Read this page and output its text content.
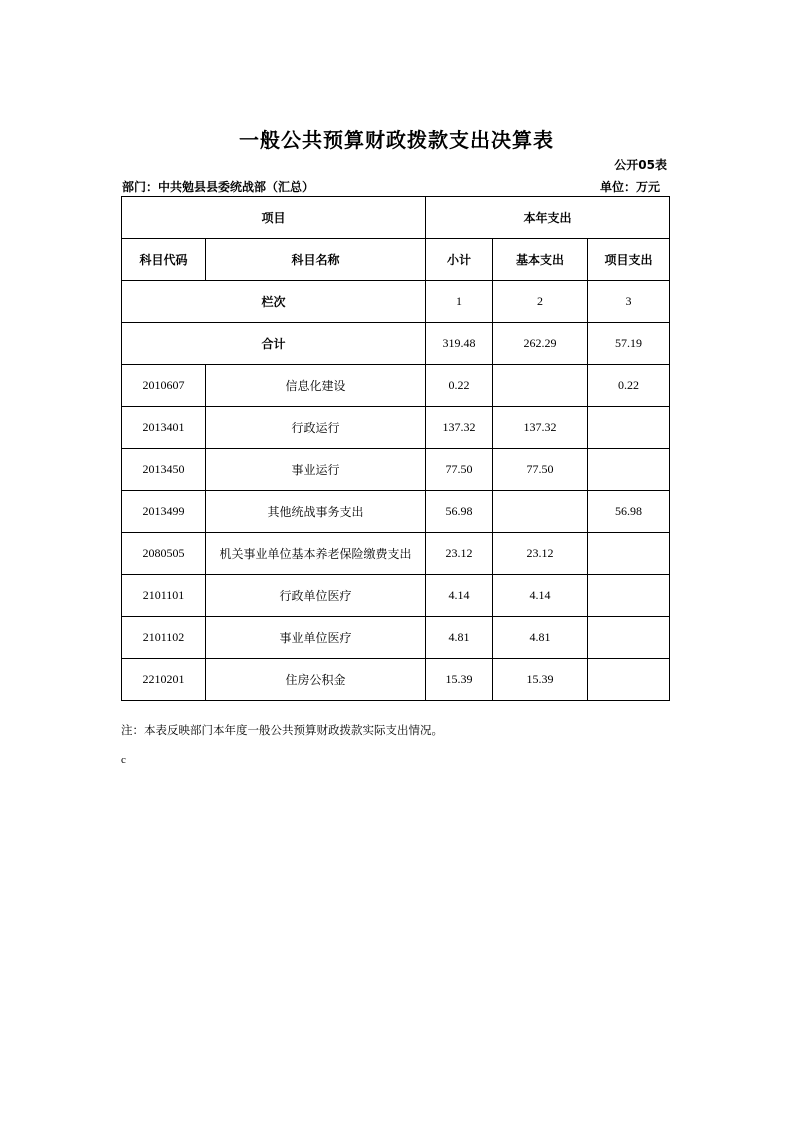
一般公共预算财政拨款支出决算表
公开05表
部门：中共勉县县委统战部（汇总）	单位：万元
项目		本年支出		
科目代码	科目名称	小计	基本支出	项目支出
栏次		1	2	3
合计		319.48	262.29	57.19
2010607	信息化建设	0.22		0.22
2013401	行政运行	137.32	137.32	
2013450	事业运行	77.50	77.50	
2013499	其他统战事务支出	56.98		56.98
2080505	机关事业单位基本养老保险缴费支出	23.12	23.12	
2101101	行政单位医疗	4.14	4.14	
2101102	事业单位医疗	4.81	4.81	
2210201	住房公积金	15.39	15.39	
注：本表反映部门本年度一般公共预算财政拨款实际支出情况。
c
